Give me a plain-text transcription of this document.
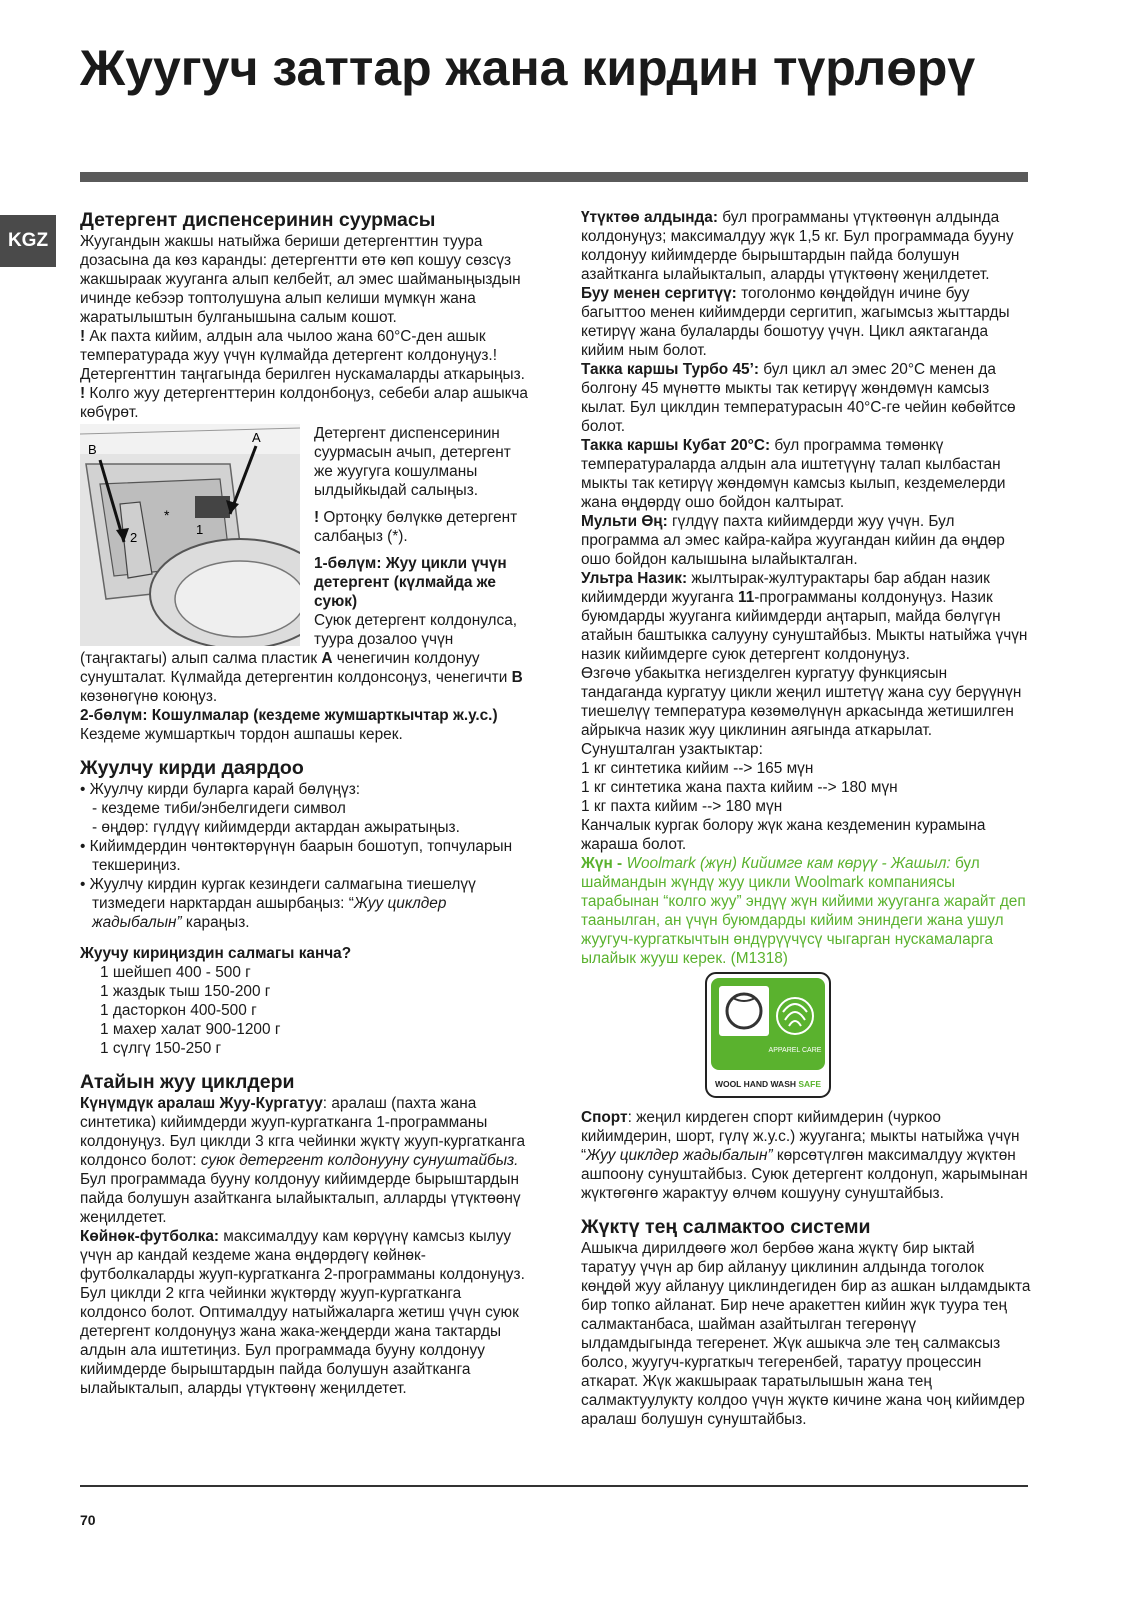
Жуугуч заттар жана кирдин түрлөрү
KGZ
Детергент диспенсеринин суурмасы

Жуугандын жакшы натыйжа бериши детергенттин туура дозасына да көз каранды: детергентти өтө көп кошуу сөзсүз жакшыраак жууганга алып келбейт, ал эмес шайманыңыздын ичинде кебээр топтолушуна алып келиши мүмкүн жана жаратылыштын булганышына салым кошот.

! Ак пахта кийим, алдын ала чылоо жана 60°C-ден ашык температурада жуу үчүн күлмайда детергент колдонуңуз.! Детергенттин таңгагында берилген нускамаларды аткарыңыз.

! Колго жуу детергенттерин колдонбоңуз, себеби алар ашыкча көбүрөт.

B
A
1
2
*

Детергент диспенсеринин суурмасын ачып, детергент же жуугуга кошулманы ылдыйкыдай салыңыз.

! Ортоңку бөлүккө детергент салбаңыз (*).

1-бөлүм: Жуу цикли үчүн детергент (күлмайда же суюк)

Суюк детергент колдонулса, туура дозалоо үчүн (таңгактагы) алып салма пластик A ченегичин колдонуу сунушталат. Күлмайда детергентин колдонсоңуз, ченегичти B көзөнөгүнө коюңуз.

2-бөлүм: Кошулмалар (кездеме жумшарткычтар ж.у.с.)

Кездеме жумшарткыч тордон ашпашы керек.

Жуулчу кирди даярдоо
• Жуулчу кирди буларга карай бөлүңүз:
- кездеме тиби/энбелгидеги символ
- өңдөр: гүлдүү кийимдерди актардан ажыратыңыз.
• Кийимдердин чөнтөктөрүнүн баарын бошотуп, топчуларын текшериңиз.
• Жуулчу кирдин кургак кезиндеги салмагына тиешелүү тизмедеги нарктардан ашырбаңыз: “Жуу циклдер жадыбалын” караңыз.

Жуучу кириңиздин салмагы канча?

1 шейшеп 400 - 500 г
1 жаздык тыш 150-200 г
1 дасторкон 400-500 г
1 махер халат 900-1200 г
1 сүлгү 150-250 г
Атайын жуу циклдери

Күнүмдүк аралаш Жуу-Кургатуу: аралаш (пахта жана синтетика) кийимдерди жууп-кургатканга 1-программаны колдонуңуз. Бул циклди 3 кгга чейинки жүктү жууп-кургатканга колдонсо болот: суюк детергент колдонууну сунуштайбыз.

Бул программада бууну колдонуу кийимдерде бырыштардын пайда болушун азайтканга ылайыкталып, алларды үтүктөөнү жеңилдетет.

Көйнөк-футболка: максималдуу кам көрүүнү камсыз кылуу үчүн ар кандай кездеме жана өңдөрдөгү көйнөк-футболкаларды жууп-кургатканга 2-программаны колдонуңуз. Бул циклди 2 кгга чейинки жүктөрдү жууп-кургатканга колдонсо болот. Оптималдуу натыйжаларга жетиш үчүн суюк детергент колдонуңуз жана жака-жеңдерди жана тактарды алдын ала иштетиңиз. Бул программада бууну колдонуу кийимдерде бырыштардын пайда болушун азайтканга ылайыкталып, аларды үтүктөөнү жеңилдетет.

Үтүктөө алдында: бул программаны үтүктөөнүн алдында колдонуңуз; максималдуу жүк 1,5 кг. Бул программада бууну колдонуу кийимдерде бырыштардын пайда болушун азайтканга ылайыкталып, аларды үтүктөөнү жеңилдетет.

Буу менен сергитүү: тоголонмо көңдөйдүн ичине буу багыттоо менен кийимдерди сергитип, жагымсыз жыттарды кетирүү жана булаларды бошотуу үчүн. Цикл аяктаганда кийим ным болот.

Такка каршы Турбо 45’: бул цикл ал эмес 20°C менен да болгону 45 мүнөттө мыкты так кетирүү жөндөмүн камсыз кылат. Бул циклдин температурасын 40°C-ге чейин көбөйтсө болот.

Такка каршы Кубат 20°C: бул программа төмөнкү температураларда алдын ала иштетүүнү талап кылбастан мыкты так кетирүү жөндөмүн камсыз кылып, кездемелерди жана өңдөрдү ошо бойдон калтырат.

Мульти Өң: гүлдүү пахта кийимдерди жуу үчүн. Бул программа ал эмес кайра-кайра жуугандан кийин да өңдөр ошо бойдон калышына ылайыкталган.

Ультра Назик: жылтырак-жултурактары бар абдан назик кийимдерди жууганга 11-программаны колдонуңуз. Назик буюмдарды жууганга кийимдерди аңтарып, майда бөлүгүн атайын баштыкка салууну сунуштайбыз. Мыкты натыйжа үчүн назик кийимдерге суюк детергент колдонуңуз.

Өзгөчө убакытка негизделген кургатуу функциясын тандаганда кургатуу цикли жеңил иштетүү жана суу берүүнүн тиешелүү температура көзөмөлүнүн аркасында жетишилген айрыкча назик жуу циклинин аягында аткарылат.

Сунушталган узактыктар:

1 кг синтетика кийим --> 165 мүн
1 кг синтетика жана пахта кийим --> 180 мүн
1 кг пахта кийим --> 180 мүн

Канчалык кургак болору жүк жана кездеменин курамына жараша болот.

Жүн - Woolmark (жүн) Кийимге кам көрүү - Жашыл: бул шаймандын жүндү жуу цикли Woolmark компаниясы тарабынан “колго жуу” эндүү жүн кийими жууганга жарайт деп таанылган, ан үчүн буюмдарды кийим эниндеги жана ушул жуугуч-кургаткычтын өндүрүүчүсү чыгарган нускамаларга ылайык жууш керек. (M1318)

APPAREL CARE
WOOL HAND WASH SAFE

Спорт: жеңил кирдеген спорт кийимдерин (чуркоо кийимдерин, шорт, гүлү ж.у.с.) жууганга; мыкты натыйжа үчүн “Жуу циклдер жадыбалын” көрсөтүлгөн максималдуу жүктөн ашпоону сунуштайбыз. Суюк детергент колдонуп, жарымынан жүктөгөнгө жарактуу өлчөм кошууну сунуштайбыз.

Жүктү тең салмактоо системи

Ашыкча дирилдөөгө жол бербөө жана жүктү бир ыктай таратуу үчүн ар бир айлануу циклинин алдында тоголок көңдөй жуу айлануу циклиндегиден бир аз ашкан ылдамдыкта бир топко айланат. Бир нече аракеттен кийин жүк туура тең салмактанбаса, шайман азайтылган тегерөнүү ылдамдыгында тегеренет. Жүк ашыкча эле тең салмаксыз болсо, жуугуч-кургаткыч тегеренбей, таратуу процессин аткарат. Жүк жакшыраак таратылышын жана тең салмактуулукту колдоо үчүн жүктө кичине жана чоң кийимдер аралаш болушун сунуштайбыз.

70
